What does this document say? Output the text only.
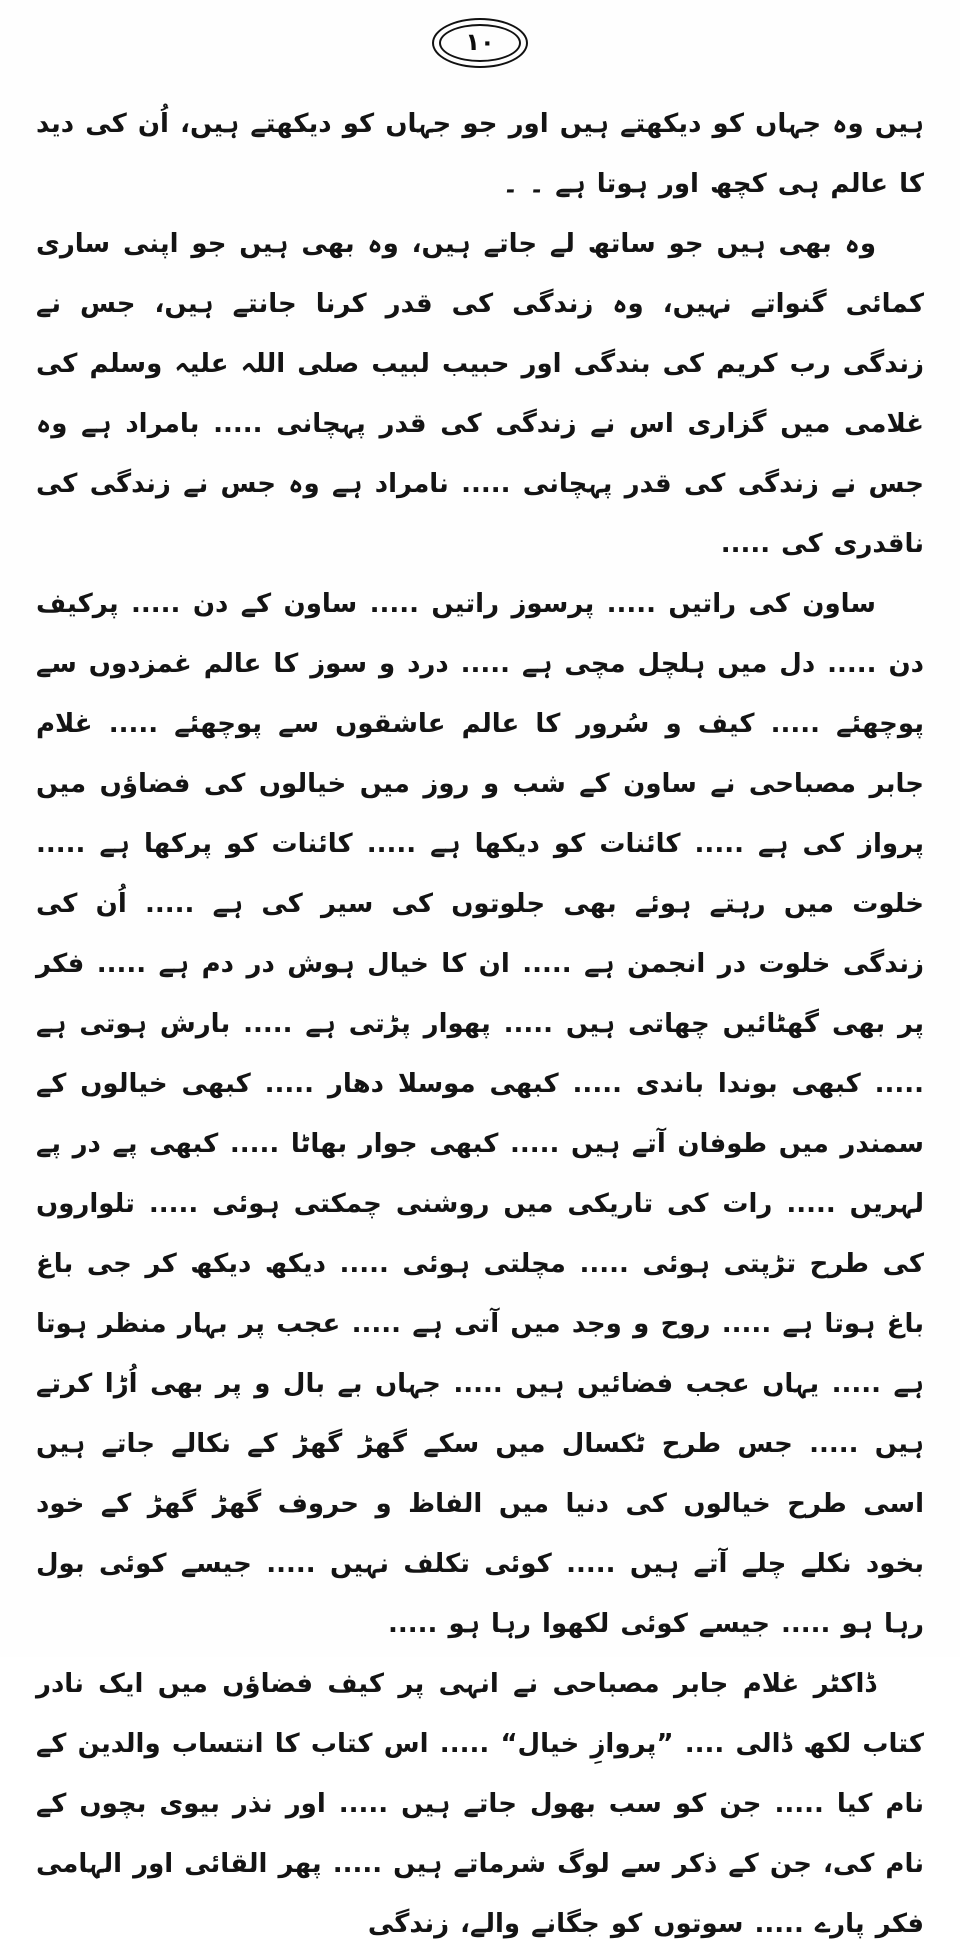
۱۰

ہیں وہ جہاں کو دیکھتے ہیں اور جو جہاں کو دیکھتے ہیں، اُن کی دید کا عالم ہی کچھ اور ہوتا ہے ۔ ۔

وہ بھی ہیں جو ساتھ لے جاتے ہیں، وہ بھی ہیں جو اپنی ساری کمائی گنواتے نہیں، وہ زندگی کی قدر کرنا جانتے ہیں، جس نے زندگی رب کریم کی بندگی اور حبیب لبیب صلی اللہ علیہ وسلم کی غلامی میں گزاری اس نے زندگی کی قدر پہچانی ..... بامراد ہے وہ جس نے زندگی کی قدر پہچانی ..... نامراد ہے وہ جس نے زندگی کی ناقدری کی .....

ساون کی راتیں ..... پرسوز راتیں ..... ساون کے دن ..... پرکیف دن ..... دل میں ہلچل مچی ہے ..... درد و سوز کا عالم غمزدوں سے پوچھئے ..... کیف و سُرور کا عالم عاشقوں سے پوچھئے ..... غلام جابر مصباحی نے ساون کے شب و روز میں خیالوں کی فضاؤں میں پرواز کی ہے ..... کائنات کو دیکھا ہے ..... کائنات کو پرکھا ہے ..... خلوت میں رہتے ہوئے بھی جلوتوں کی سیر کی ہے ..... اُن کی زندگی خلوت در انجمن ہے ..... ان کا خیال ہوش در دم ہے ..... فکر پر بھی گھٹائیں چھاتی ہیں ..... پھوار پڑتی ہے ..... بارش ہوتی ہے ..... کبھی بوندا باندی ..... کبھی موسلا دھار ..... کبھی خیالوں کے سمندر میں طوفان آتے ہیں ..... کبھی جوار بھاٹا ..... کبھی پے در پے لہریں ..... رات کی تاریکی میں روشنی چمکتی ہوئی ..... تلواروں کی طرح تڑپتی ہوئی ..... مچلتی ہوئی ..... دیکھ دیکھ کر جی باغ باغ ہوتا ہے ..... روح و وجد میں آتی ہے ..... عجب پر بہار منظر ہوتا ہے ..... یہاں عجب فضائیں ہیں ..... جہاں بے بال و پر بھی اُڑا کرتے ہیں ..... جس طرح ٹکسال میں سکے گھڑ گھڑ کے نکالے جاتے ہیں اسی طرح خیالوں کی دنیا میں الفاظ و حروف گھڑ گھڑ کے خود بخود نکلے چلے آتے ہیں ..... کوئی تکلف نہیں ..... جیسے کوئی بول رہا ہو ..... جیسے کوئی لکھوا رہا ہو .....

ڈاکٹر غلام جابر مصباحی نے انہی پر کیف فضاؤں میں ایک نادر کتاب لکھ ڈالی .... ”پروازِ خیال“ ..... اس کتاب کا انتساب والدین کے نام کیا ..... جن کو سب بھول جاتے ہیں ..... اور نذر بیوی بچوں کے نام کی، جن کے ذکر سے لوگ شرماتے ہیں ..... پھر القائی اور الہامی فکر پارے ..... سوتوں کو جگانے والے، زندگی
